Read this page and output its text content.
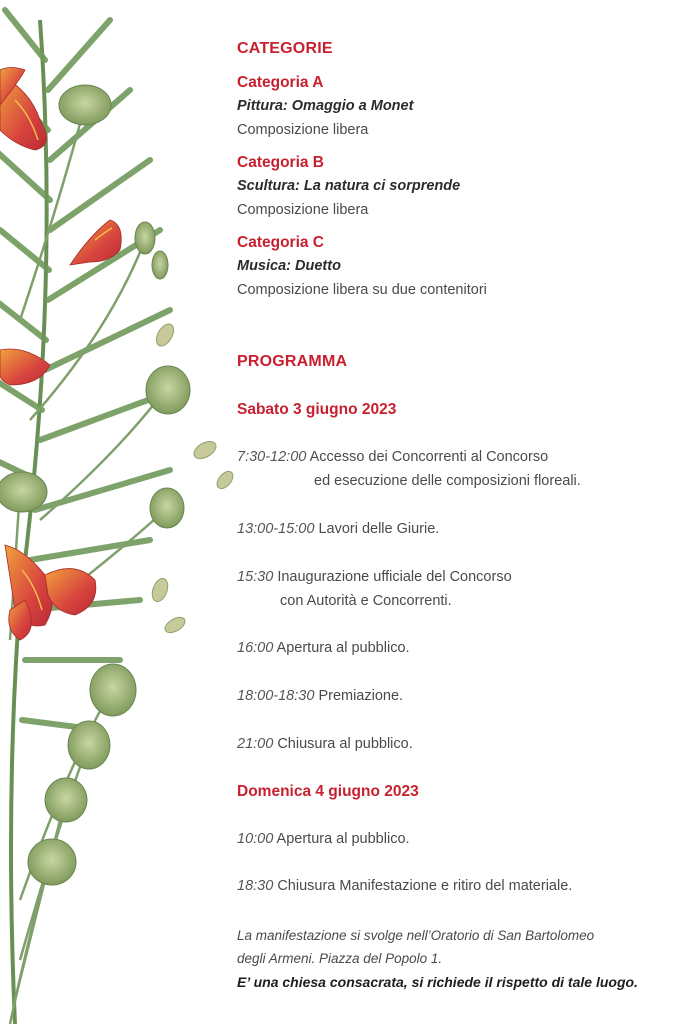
CATEGORIE
Categoria A
Pittura: Omaggio a Monet
Composizione libera
Categoria B
Scultura: La natura ci sorprende
Composizione libera
Categoria C
Musica: Duetto
Composizione libera su due contenitori
PROGRAMMA
Sabato 3 giugno 2023
7:30-12:00 Accesso dei Concorrenti al Concorso
ed esecuzione delle composizioni floreali.
13:00-15:00 Lavori delle Giurie.
15:30 Inaugurazione ufficiale del Concorso
con Autorità e Concorrenti.
16:00 Apertura al pubblico.
18:00-18:30 Premiazione.
21:00 Chiusura al pubblico.
Domenica 4 giugno 2023
10:00 Apertura al pubblico.
18:30 Chiusura Manifestazione e ritiro del materiale.
La manifestazione si svolge nell’Oratorio di San Bartolomeo
degli Armeni. Piazza del Popolo 1.
E’ una chiesa consacrata, si richiede il rispetto di tale luogo.
